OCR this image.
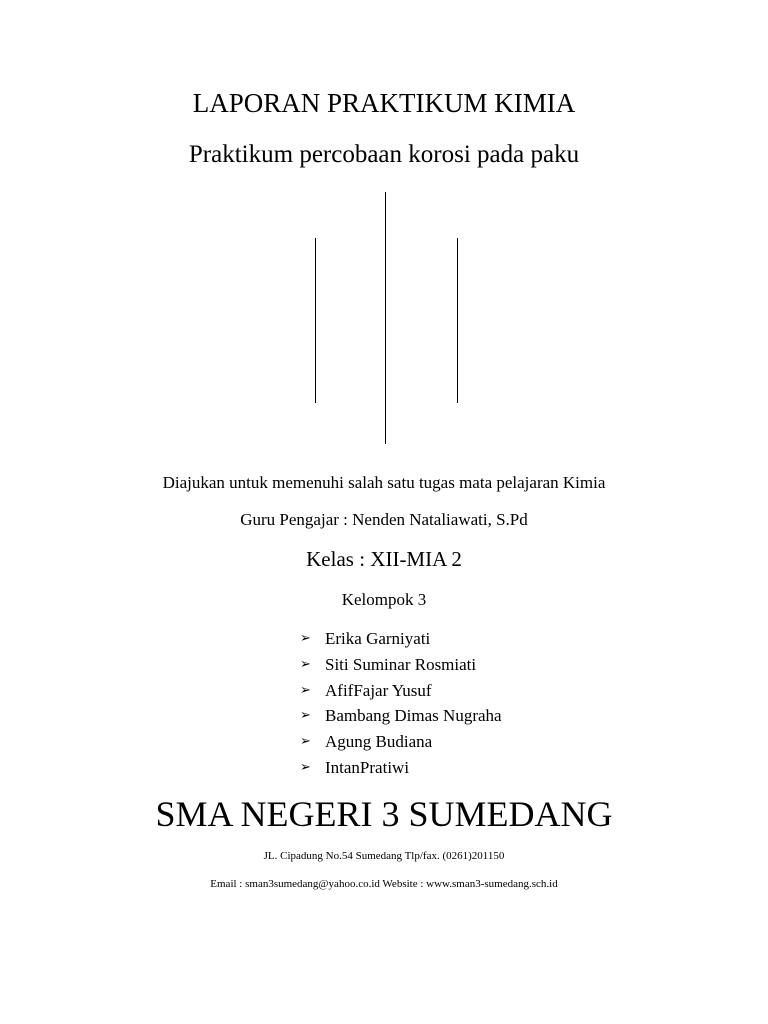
LAPORAN PRAKTIKUM KIMIA
Praktikum percobaan korosi pada paku
Diajukan untuk memenuhi salah satu tugas mata pelajaran Kimia
Guru Pengajar : Nenden Nataliawati, S.Pd
Kelas : XII-MIA 2
Kelompok 3
➢ Erika Garniyati
➢ Siti Suminar Rosmiati
➢ AfifFajar Yusuf
➢ Bambang Dimas Nugraha
➢ Agung Budiana
➢ IntanPratiwi
SMA NEGERI 3 SUMEDANG
JL. Cipadung No.54 Sumedang Tlp/fax. (0261)201150
Email : sman3sumedang@yahoo.co.id Website : www.sman3-sumedang.sch.id
